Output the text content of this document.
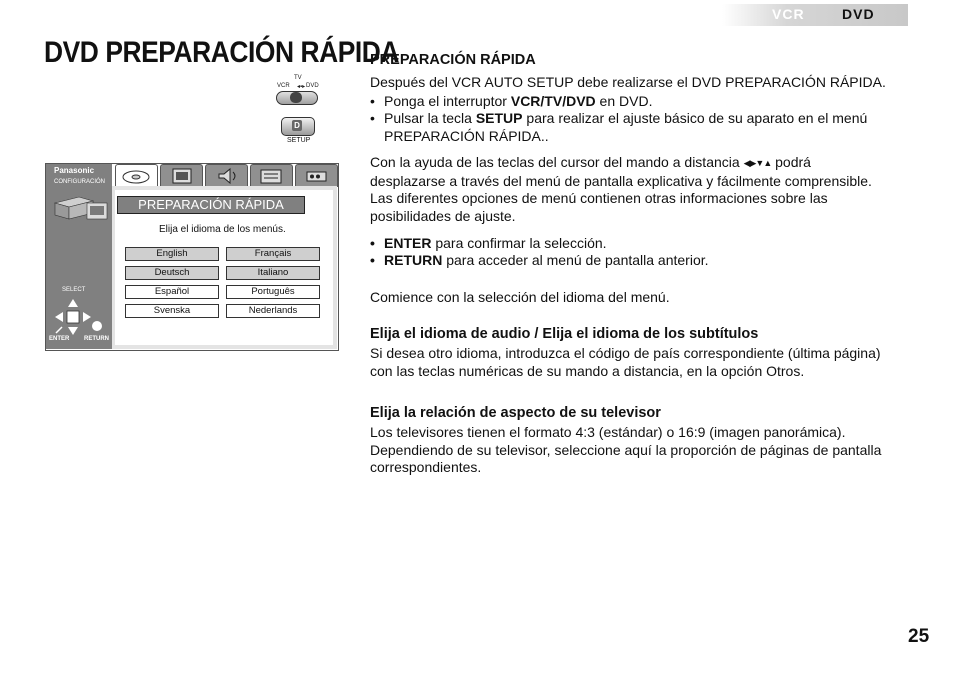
VCR	DVD
DVD PREPARACIÓN RÁPIDA
TV
VCR ◂▪▸ DVD
D
SETUP
Panasonic
CONFIGURACIÓN
PREPARACIÓN RÁPIDA
Elija el idioma de los menús.
English
Deutsch
Español
Svenska
Français
Italiano
Português
Nederlands
SELECT
ENTER RETURN
PREPARACIÓN RÁPIDA
Después del VCR AUTO SETUP debe realizarse el DVD PREPARACIÓN RÁPIDA.
• Ponga el interruptor VCR/TV/DVD en DVD.
• Pulsar la tecla SETUP para realizar el ajuste básico de su aparato en el menú
PREPARACIÓN RÁPIDA..
Con la ayuda de las teclas del cursor del mando a distancia ◀▶▼▲ podrá
desplazarse a través del menú de pantalla explicativa y fácilmente comprensible.
Las diferentes opciones de menú contienen otras informaciones sobre las
posibilidades de ajuste.
• ENTER para confirmar la selección.
• RETURN para acceder al menú de pantalla anterior.
Comience con la selección del idioma del menú.
Elija el idioma de audio / Elija el idioma de los subtítulos
Si desea otro idioma, introduzca el código de país correspondiente (última página)
con las teclas numéricas de su mando a distancia, en la opción Otros.
Elija la relación de aspecto de su televisor
Los televisores tienen el formato 4:3 (estándar) o 16:9 (imagen panorámica).
Dependiendo de su televisor, seleccione aquí la proporción de páginas de pantalla
correspondientes.
25
